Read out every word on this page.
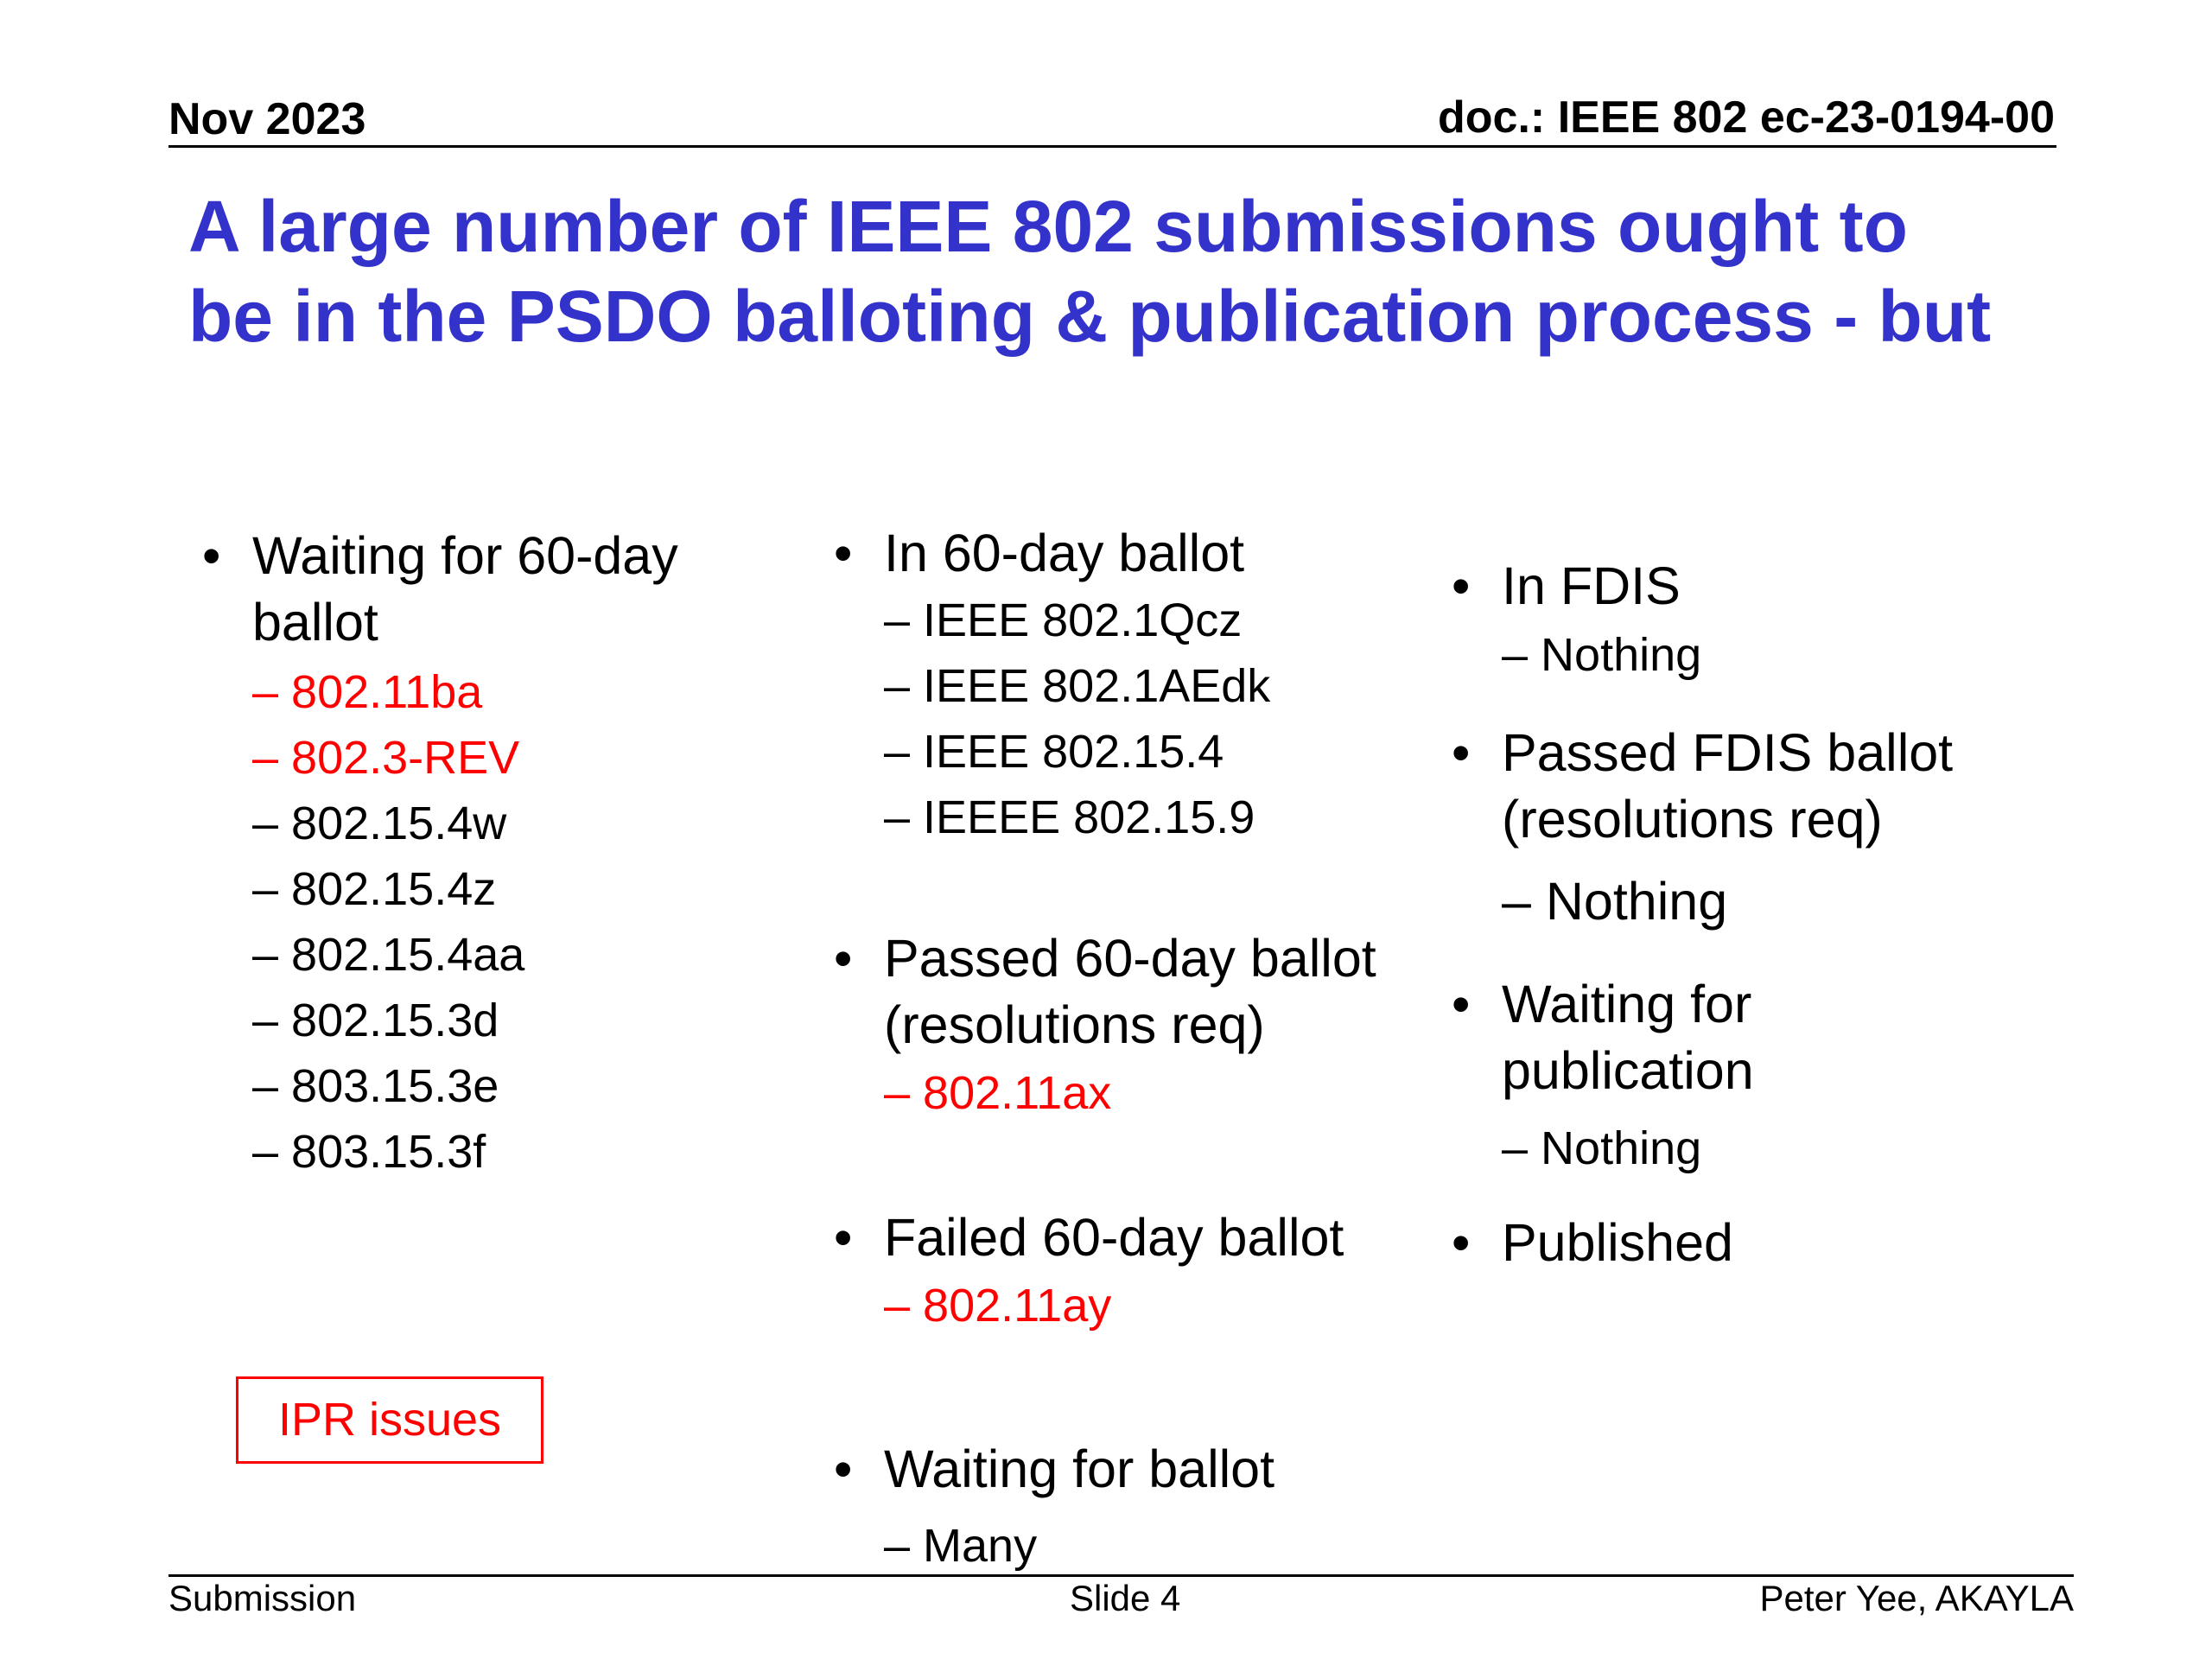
Nov 2023	doc.: IEEE 802 ec-23-0194-00
A large number of IEEE 802 submissions ought to
be in the PSDO balloting & publication process - but
• Waiting for 60-day
ballot
– 802.11ba
– 802.3-REV
– 802.15.4w
– 802.15.4z
– 802.15.4aa
– 802.15.3d
– 803.15.3e
– 803.15.3f
IPR issues
• In 60-day ballot
– IEEE 802.1Qcz
– IEEE 802.1AEdk
– IEEE 802.15.4
– IEEEE 802.15.9
• Passed 60-day ballot
(resolutions req)
– 802.11ax
• Failed 60-day ballot
– 802.11ay
• Waiting for ballot
– Many
• In FDIS
– Nothing
• Passed FDIS ballot
(resolutions req)
– Nothing
• Waiting for
publication
– Nothing
• Published
Submission	Slide 4	Peter Yee, AKAYLA
